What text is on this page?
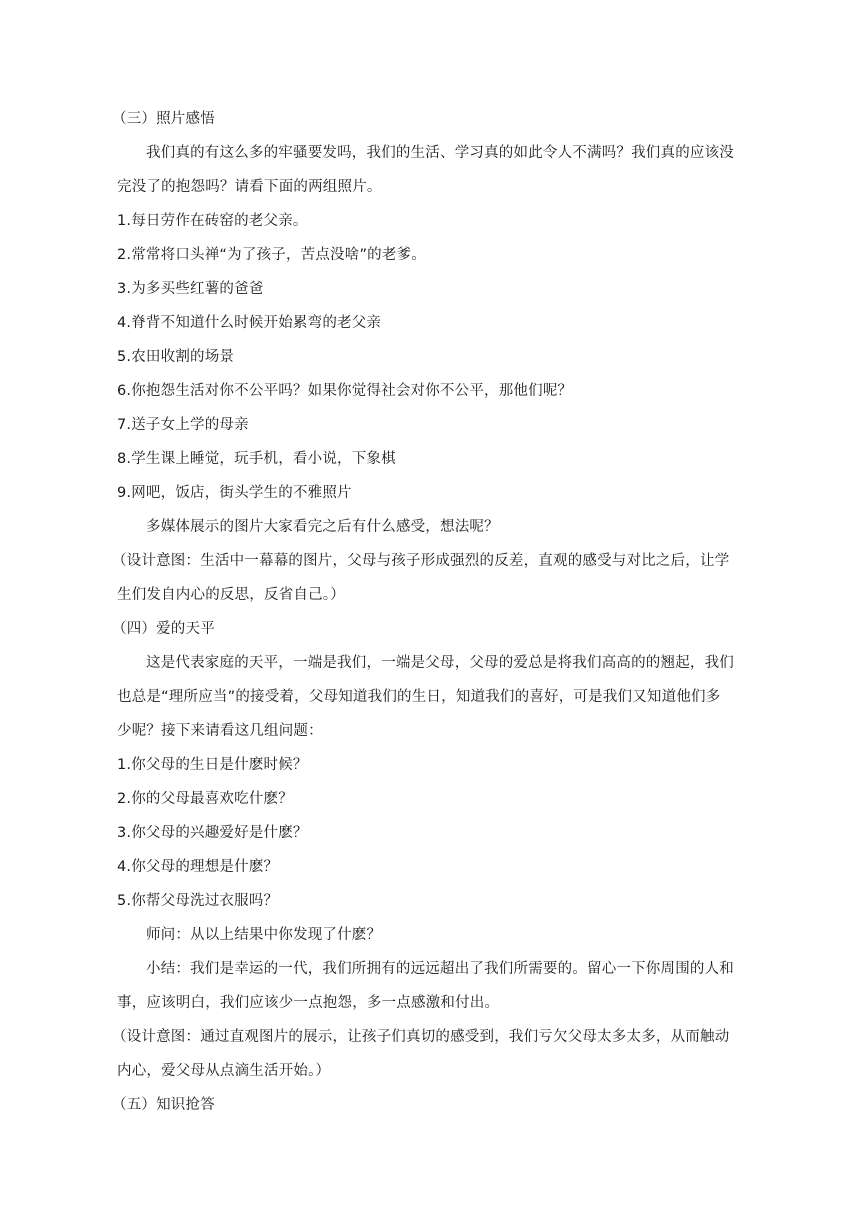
（三）照片感悟
我们真的有这么多的牢骚要发吗，我们的生活、学习真的如此令人不满吗？我们真的应该没
完没了的抱怨吗？请看下面的两组照片。
1.每日劳作在砖窑的老父亲。
2.常常将口头禅“为了孩子，苦点没啥”的老爹。
3.为多买些红薯的爸爸
4.脊背不知道什么时候开始累弯的老父亲
5.农田收割的场景
6.你抱怨生活对你不公平吗？如果你觉得社会对你不公平，那他们呢？
7.送子女上学的母亲
8.学生课上睡觉，玩手机，看小说，下象棋
9.网吧，饭店，街头学生的不雅照片
多媒体展示的图片大家看完之后有什么感受，想法呢？
（设计意图：生活中一幕幕的图片，父母与孩子形成强烈的反差，直观的感受与对比之后，让学
生们发自内心的反思，反省自己。）
（四）爱的天平
这是代表家庭的天平，一端是我们，一端是父母，父母的爱总是将我们高高的的翘起，我们
也总是“理所应当”的接受着，父母知道我们的生日，知道我们的喜好，可是我们又知道他们多
少呢？接下来请看这几组问题：
1.你父母的生日是什麽时候？
2.你的父母最喜欢吃什麽？
3.你父母的兴趣爱好是什麽？
4.你父母的理想是什麽？
5.你帮父母洗过衣服吗？
师问：从以上结果中你发现了什麽？
小结：我们是幸运的一代，我们所拥有的远远超出了我们所需要的。留心一下你周围的人和
事，应该明白，我们应该少一点抱怨，多一点感激和付出。
（设计意图：通过直观图片的展示，让孩子们真切的感受到，我们亏欠父母太多太多，从而触动
内心，爱父母从点滴生活开始。）
（五）知识抢答
